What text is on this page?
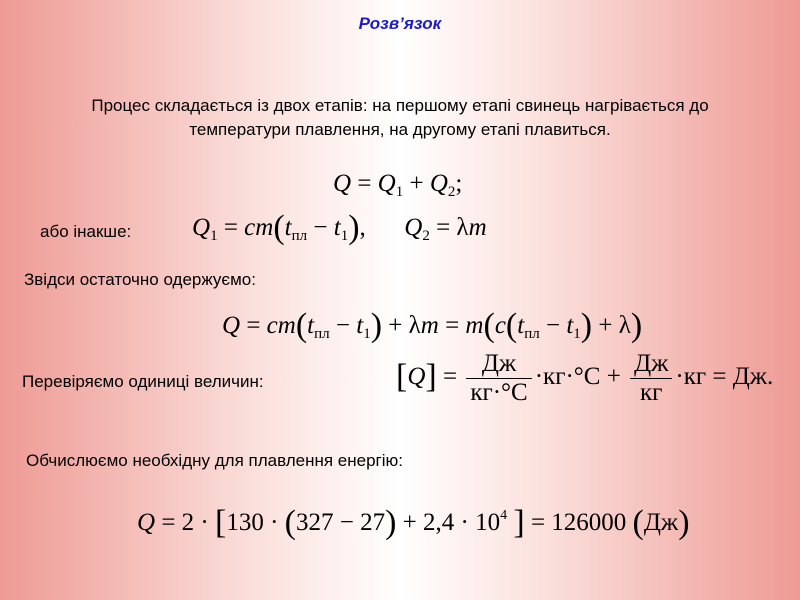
Розв’язок
Процес складається із двох етапів: на першому етапі свинець нагрівається до
температури плавлення, на другому етапі плавиться.
$Q = Q_1 + Q_2$;
або інакше: $Q_1 = cm(t_{пл} - t_1)$,  $Q_2 = \lambda m$
Звідси остаточно одержуємо:
$Q = cm(t_{пл} - t_1) + \lambda m = m(c(t_{пл} - t_1) + \lambda)$
Перевіряємо одиниці величин:	$[Q] = \frac{Дж}{кг\cdot^\circ C} \cdot кг\cdot^\circ C + \frac{Дж}{кг} \cdot кг$ = Дж.
Обчислюємо необхідну для плавлення енергію:
$Q = 2 \cdot [130 \cdot (327 - 27) + 2,4 \cdot 10^4$ ] = 126000 (Дж)
